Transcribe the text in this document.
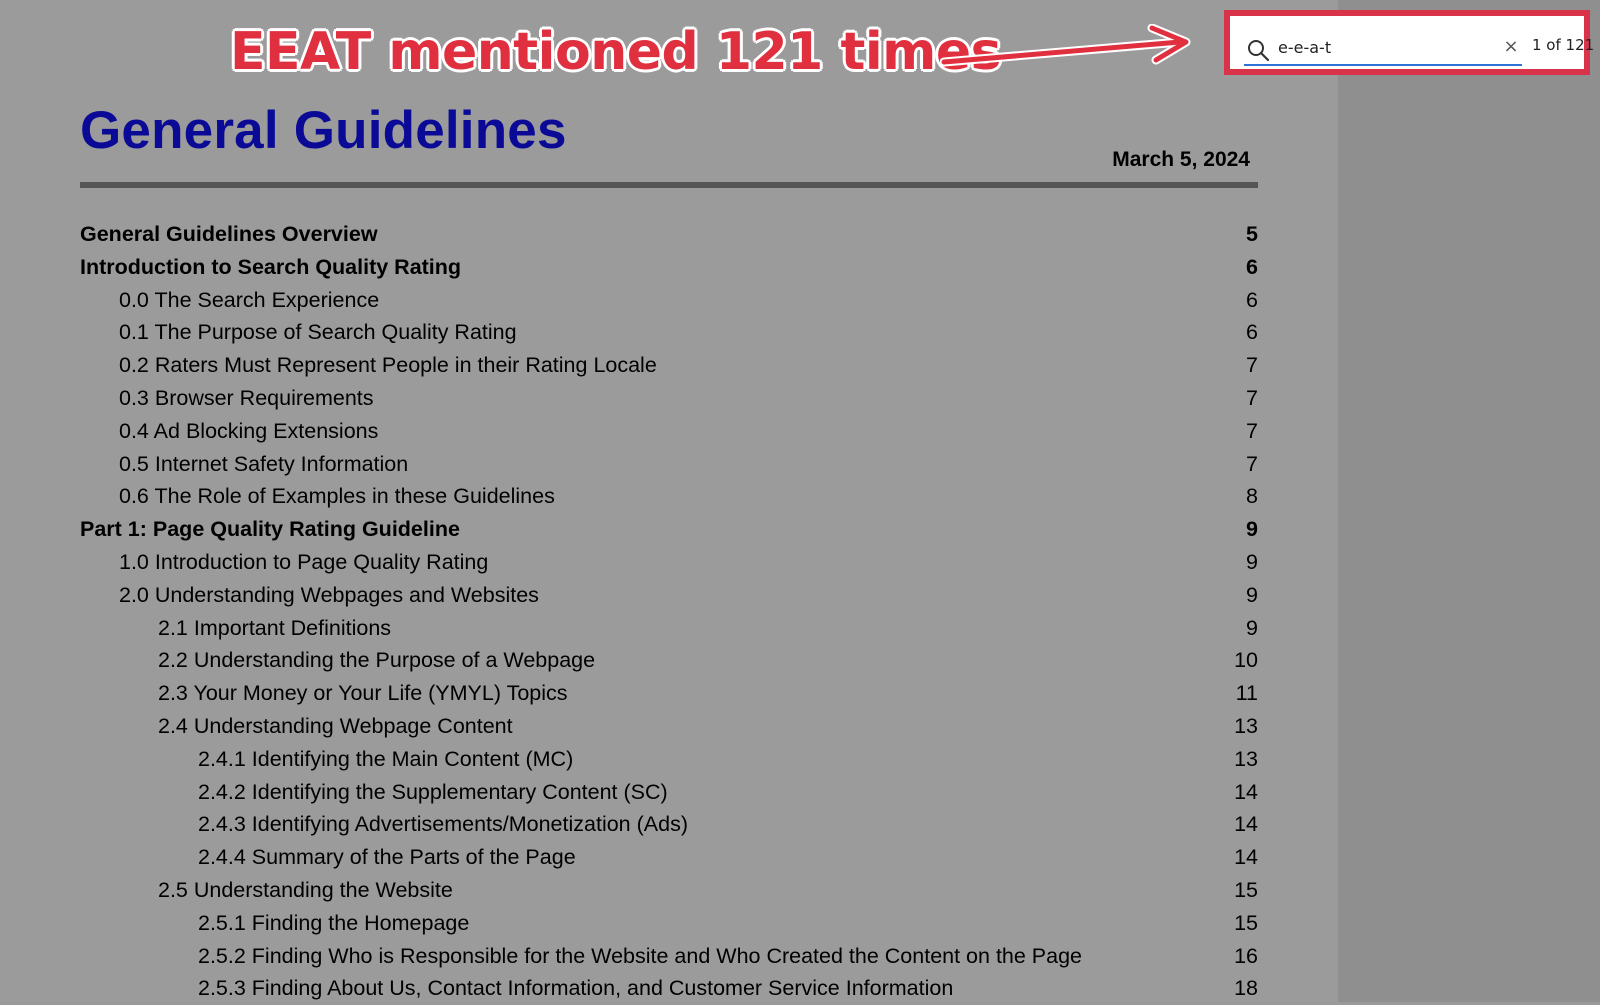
General Guidelines	March 5, 2024
General Guidelines Overview	5
Introduction to Search Quality Rating	6
0.0 The Search Experience	6
0.1 The Purpose of Search Quality Rating	6
0.2 Raters Must Represent People in their Rating Locale	7
0.3 Browser Requirements	7
0.4 Ad Blocking Extensions	7
0.5 Internet Safety Information	7
0.6 The Role of Examples in these Guidelines	8
Part 1: Page Quality Rating Guideline	9
1.0 Introduction to Page Quality Rating	9
2.0 Understanding Webpages and Websites	9
2.1 Important Definitions	9
2.2 Understanding the Purpose of a Webpage	10
2.3 Your Money or Your Life (YMYL) Topics	11
2.4 Understanding Webpage Content	13
2.4.1 Identifying the Main Content (MC)	13
2.4.2 Identifying the Supplementary Content (SC)	14
2.4.3 Identifying Advertisements/Monetization (Ads)	14
2.4.4 Summary of the Parts of the Page	14
2.5 Understanding the Website	15
2.5.1 Finding the Homepage	15
2.5.2 Finding Who is Responsible for the Website and Who Created the Content on the Page	16
2.5.3 Finding About Us, Contact Information, and Customer Service Information	18
EEAT mentioned 121 times
e-e-a-t	× 1 of 121
